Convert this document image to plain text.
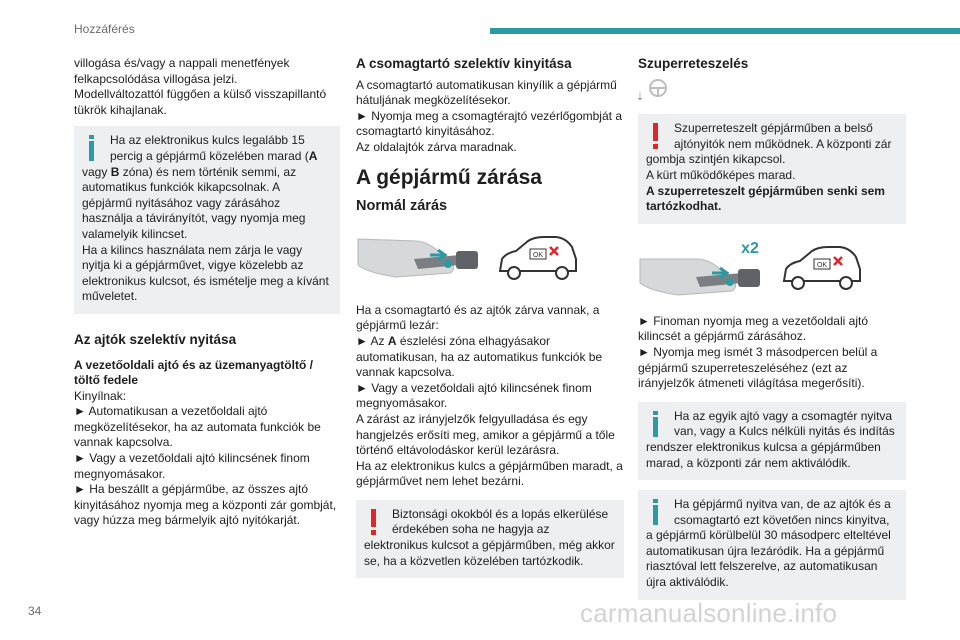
Hozzáférés

villogása és/vagy a nappali menetfények felkapcsolódása villogása jelzi.
Modellváltozattól függően a külső visszapillantó tükrök kihajlanak.

Ha az elektronikus kulcs legalább 15 percig a gépjármű közelében marad (A
vagy B zóna) és nem történik semmi, az automatikus funkciók kikapcsolnak. A gépjármű nyitásához vagy zárásához használja a távirányítót, vagy nyomja meg valamelyik kilincset.
Ha a kilincs használata nem zárja le vagy nyitja ki a gépjárművet, vigye közelebb az elektronikus kulcsot, és ismételje meg a kívánt műveletet.

Az ajtók szelektív nyitása

A vezetőoldali ajtó és az üzemanyagtöltő / töltő fedele

Kinyílnak:
► Automatikusan a vezetőoldali ajtó megközelítésekor, ha az automata funkciók be vannak kapcsolva.
► Vagy a vezetőoldali ajtó kilincsének finom megnyomásakor.
► Ha beszállt a gépjárműbe, az összes ajtó kinyitásához nyomja meg a központi zár gombját, vagy húzza meg bármelyik ajtó nyitókarját.

A csomagtartó szelektív kinyitása

A csomagtartó automatikusan kinyílik a gépjármű hátuljának megközelítésekor.
► Nyomja meg a csomagtérajtó vezérlőgombját a csomagtartó kinyitásához.
Az oldalajtók zárva maradnak.

A gépjármű zárása
Normál zárás
OK

Ha a csomagtartó és az ajtók zárva vannak, a gépjármű lezár:
► Az A észlelési zóna elhagyásakor automatikusan, ha az automatikus funkciók be vannak kapcsolva.
► Vagy a vezetőoldali ajtó kilincsének finom megnyomásakor.
A zárást az irányjelzők felgyulladása és egy hangjelzés erősíti meg, amikor a gépjármű a tőle történő eltávolodáskor kerül lezárásra.
Ha az elektronikus kulcs a gépjárműben maradt, a gépjárművet nem lehet bezárni.

Biztonsági okokból és a lopás elkerülése érdekében soha ne hagyja az elektronikus kulcsot a gépjárműben, még akkor se, ha a közvetlen közelében tartózkodik.

Szuperreteszelés

Szuperreteszelt gépjárműben a belső ajtónyitók nem működnek. A központi zár gombja szintjén kikapcsol.
A kürt működőképes marad.

A szuperreteszelt gépjárműben senki sem tartózkodhat.

x2
OK

► Finoman nyomja meg a vezetőoldali ajtó kilincsét a gépjármű zárásához.
► Nyomja meg ismét 3 másodpercen belül a gépjármű szuperreteszeléséhez (ezt az irányjelzők átmeneti világítása megerősíti).

Ha az egyik ajtó vagy a csomagtér nyitva van, vagy a Kulcs nélküli nyitás és indítás rendszer elektronikus kulcsa a gépjárműben marad, a központi zár nem aktiválódik.

Ha gépjármű nyitva van, de az ajtók és a csomagtartó ezt követően nincs kinyitva, a gépjármű körülbelül 30 másodperc elteltével automatikusan újra lezáródik. Ha a gépjármű riasztóval lett felszerelve, az automatikusan újra aktiválódik.

34	carmanualsonline.info
